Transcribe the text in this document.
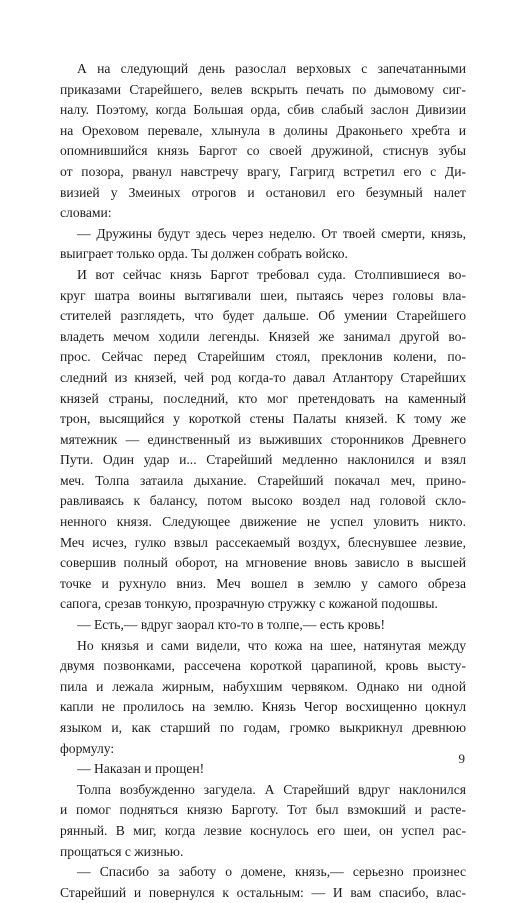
А на следующий день разослал верховых с запечатанными
приказами Старейшего, велев вскрыть печать по дымовому сиг-
налу. Поэтому, когда Большая орда, сбив слабый заслон Дивизии
на Ореховом перевале, хлынула в долины Драконьего хребта и
опомнившийся князь Баргот со своей дружиной, стиснув зубы
от позора, рванул навстречу врагу, Гагригд встретил его с Ди-
визией у Змеиных отрогов и остановил его безумный налет
словами:
— Дружины будут здесь через неделю. От твоей смерти, князь,
выиграет только орда. Ты должен собрать войско.
И вот сейчас князь Баргот требовал суда. Столпившиеся во-
круг шатра воины вытягивали шеи, пытаясь через головы вла-
стителей разглядеть, что будет дальше. Об умении Старейшего
владеть мечом ходили легенды. Князей же занимал другой во-
прос. Сейчас перед Старейшим стоял, преклонив колени, по-
следний из князей, чей род когда-то давал Атлантору Старейших
князей страны, последний, кто мог претендовать на каменный
трон, высящийся у короткой стены Палаты князей. К тому же
мятежник — единственный из выживших сторонников Древнего
Пути. Один удар и... Старейший медленно наклонился и взял
меч. Толпа затаила дыхание. Старейший покачал меч, прино-
равливаясь к балансу, потом высоко воздел над головой скло-
ненного князя. Следующее движение не успел уловить никто.
Меч исчез, гулко взвыл рассекаемый воздух, блеснувшее лезвие,
совершив полный оборот, на мгновение вновь зависло в высшей
точке и рухнуло вниз. Меч вошел в землю у самого обреза
сапога, срезав тонкую, прозрачную стружку с кожаной подошвы.
— Есть,— вдруг заорал кто-то в толпе,— есть кровь!
Но князья и сами видели, что кожа на шее, натянутая между
двумя позвонками, рассечена короткой царапиной, кровь высту-
пила и лежала жирным, набухшим червяком. Однако ни одной
капли не пролилось на землю. Князь Чегор восхищенно цокнул
языком и, как старший по годам, громко выкрикнул древнюю
формулу:
— Наказан и прощен!
Толпа возбужденно загудела. А Старейший вдруг наклонился
и помог подняться князю Барготу. Тот был взмокший и расте-
рянный. В миг, когда лезвие коснулось его шеи, он успел рас-
прощаться с жизнью.
— Спасибо за заботу о домене, князь,— серьезно произнес
Старейший и повернулся к остальным: — И вам спасибо, влас-
9
